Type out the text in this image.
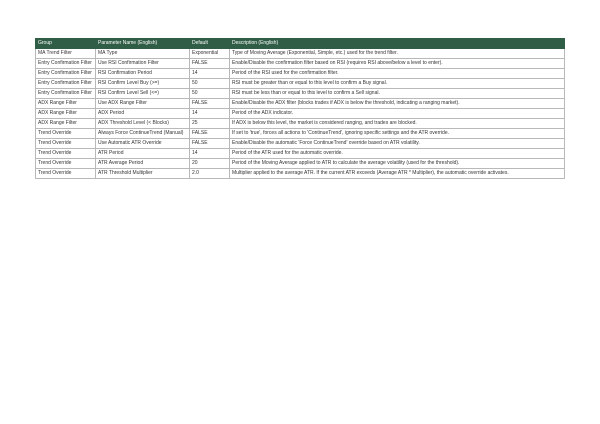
Group	Parameter Name (English)	Default	Description (English)
MA Trend Filter	MA Type	Exponential	Type of Moving Average (Exponential, Simple, etc.) used for the trend filter.
Entry Confirmation Filter	Use RSI Confirmation Filter	FALSE	Enable/Disable the confirmation filter based on RSI (requires RSI above/below a level to enter).
Entry Confirmation Filter	RSI Confirmation Period	14	Period of the RSI used for the confirmation filter.
Entry Confirmation Filter	RSI Confirm Level Buy (>=)	50	RSI must be greater than or equal to this level to confirm a Buy signal.
Entry Confirmation Filter	RSI Confirm Level Sell (<=)	50	RSI must be less than or equal to this level to confirm a Sell signal.
ADX Range Filter	Use ADX Range Filter	FALSE	Enable/Disable the ADX filter (blocks trades if ADX is below the threshold, indicating a ranging market).
ADX Range Filter	ADX Period	14	Period of the ADX indicator.
ADX Range Filter	ADX Threshold Level (< Blocks)	25	If ADX is below this level, the market is considered ranging, and trades are blocked.
Trend Override	Always Force ContinueTrend (Manual)	FALSE	If set to 'true', forces all actions to 'ContinueTrend', ignoring specific settings and the ATR override.
Trend Override	Use Automatic ATR Override	FALSE	Enable/Disable the automatic 'Force ContinueTrend' override based on ATR volatility.
Trend Override	ATR Period	14	Period of the ATR used for the automatic override.
Trend Override	ATR Average Period	20	Period of the Moving Average applied to ATR to calculate the average volatility (used for the threshold).
Trend Override	ATR Threshold Multiplier	2.0	Multiplier applied to the average ATR. If the current ATR exceeds (Average ATR * Multiplier), the automatic override activates.
